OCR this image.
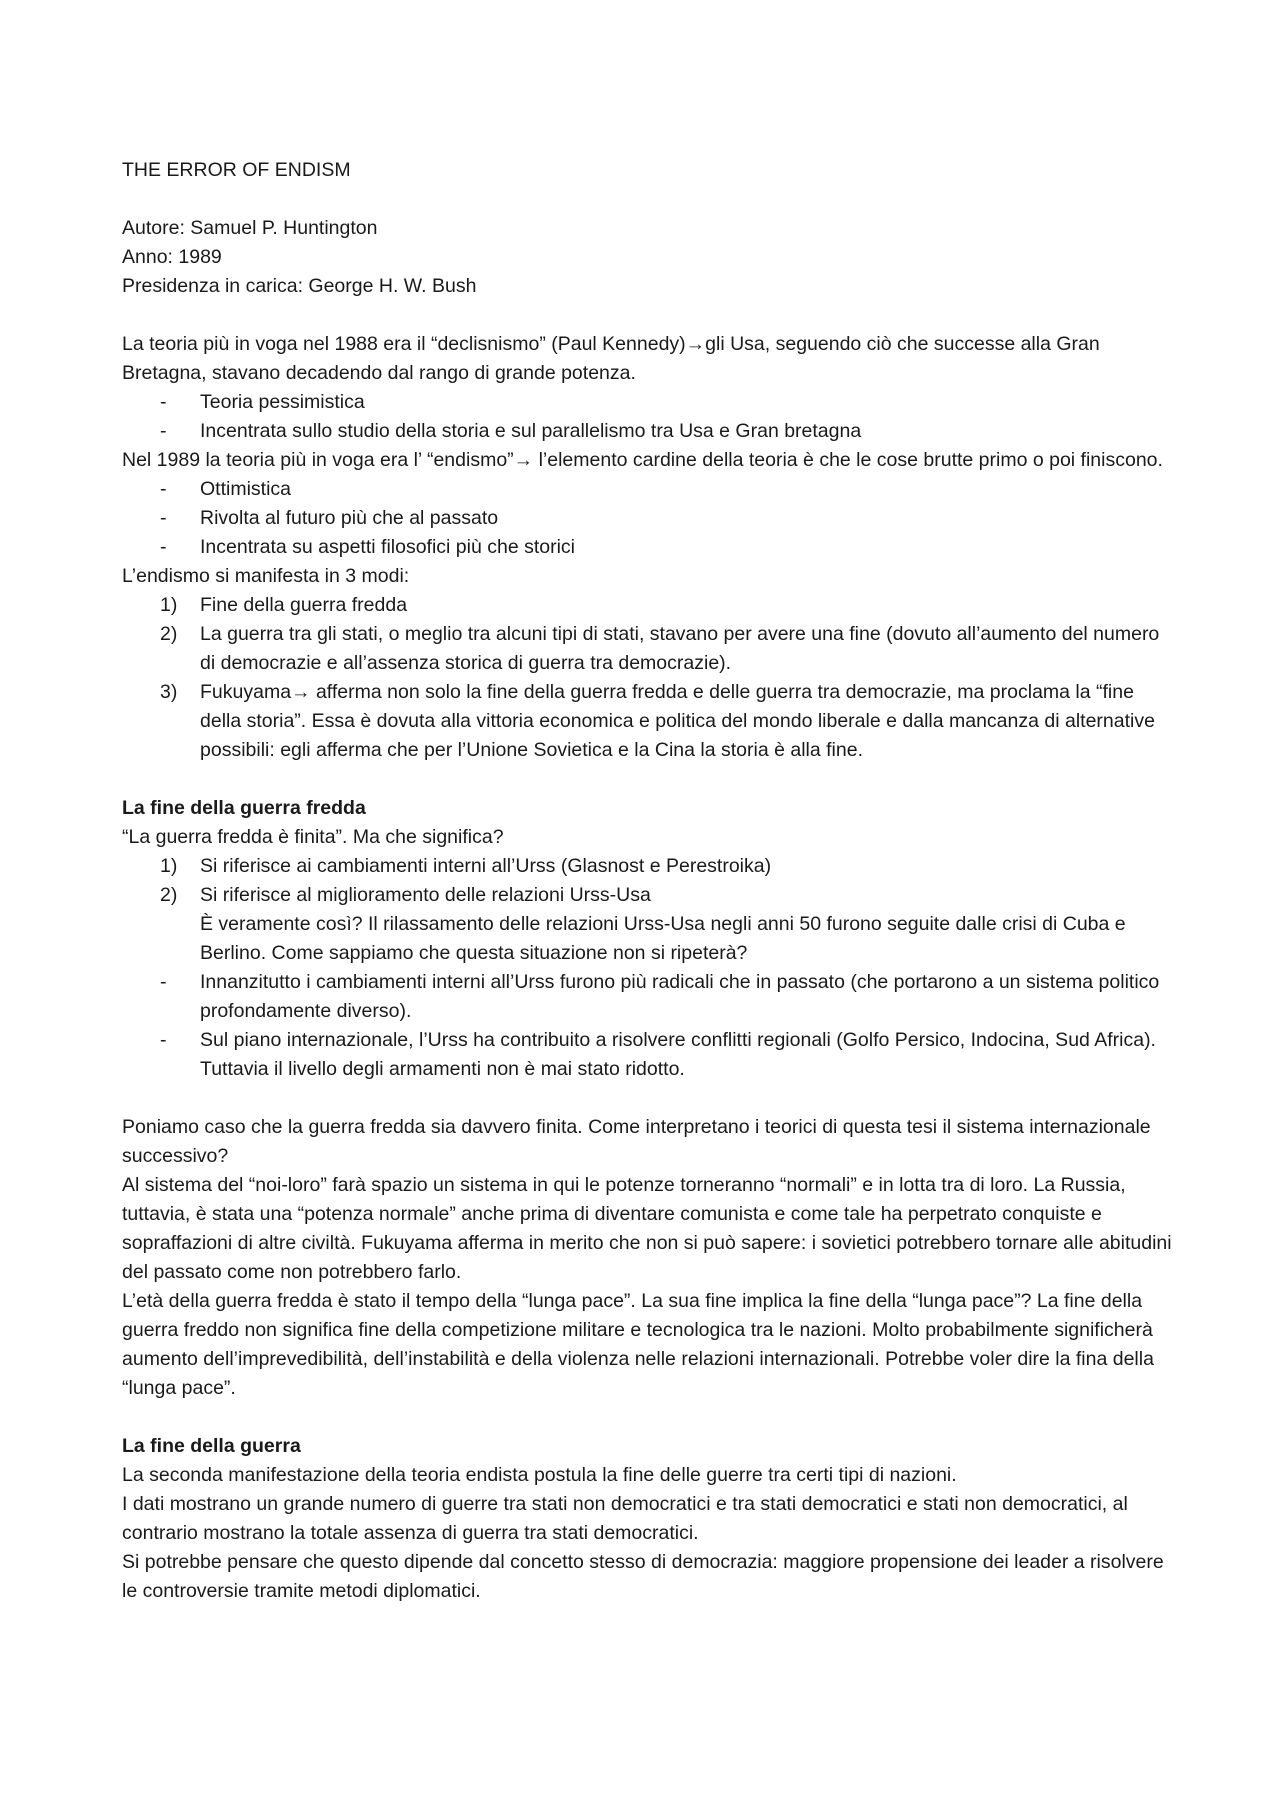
THE ERROR OF ENDISM

Autore: Samuel P. Huntington

Anno: 1989

Presidenza in carica: George H. W. Bush

La teoria più in voga nel 1988 era il “declisnismo” (Paul Kennedy)→gli Usa, seguendo ciò che successe alla Gran Bretagna, stavano decadendo dal rango di grande potenza.

-	Teoria pessimistica
-	Incentrata sullo studio della storia e sul parallelismo tra Usa e Gran bretagna

Nel 1989 la teoria più in voga era l’ “endismo”→ l’elemento cardine della teoria è che le cose brutte primo o poi finiscono.

-	Ottimistica
-	Rivolta al futuro più che al passato
-	Incentrata su aspetti filosofici più che storici

L’endismo si manifesta in 3 modi:

1)	Fine della guerra fredda
2)	La guerra tra gli stati, o meglio tra alcuni tipi di stati, stavano per avere una fine (dovuto all’aumento del numero di democrazie e all’assenza storica di guerra tra democrazie).
3)	Fukuyama→ afferma non solo la fine della guerra fredda e delle guerra tra democrazie, ma proclama la “fine della storia”. Essa è dovuta alla vittoria economica e politica del mondo liberale e dalla mancanza di alternative possibili: egli afferma che per l’Unione Sovietica e la Cina la storia è alla fine.

La fine della guerra fredda

“La guerra fredda è finita”. Ma che significa?

1)	Si riferisce ai cambiamenti interni all’Urss (Glasnost e Perestroika)
2)	Si riferisce al miglioramento delle relazioni Urss-Usa

È veramente così? Il rilassamento delle relazioni Urss-Usa negli anni 50 furono seguite dalle crisi di Cuba e Berlino. Come sappiamo che questa situazione non si ripeterà?

-	Innanzitutto i cambiamenti interni all’Urss furono più radicali che in passato (che portarono a un sistema politico profondamente diverso).
-	Sul piano internazionale, l’Urss ha contribuito a risolvere conflitti regionali (Golfo Persico, Indocina, Sud Africa). Tuttavia il livello degli armamenti non è mai stato ridotto.

Poniamo caso che la guerra fredda sia davvero finita. Come interpretano i teorici di questa tesi il sistema internazionale successivo?

Al sistema del “noi-loro” farà spazio un sistema in qui le potenze torneranno “normali” e in lotta tra di loro. La Russia, tuttavia, è stata una “potenza normale” anche prima di diventare comunista e come tale ha perpetrato conquiste e sopraffazioni di altre civiltà. Fukuyama afferma in merito che non si può sapere: i sovietici potrebbero tornare alle abitudini del passato come non potrebbero farlo.

L’età della guerra fredda è stato il tempo della “lunga pace”. La sua fine implica la fine della “lunga pace”? La fine della guerra freddo non significa fine della competizione militare e tecnologica tra le nazioni. Molto probabilmente significherà aumento dell’imprevedibilità, dell’instabilità e della violenza nelle relazioni internazionali. Potrebbe voler dire la fina della “lunga pace”.

La fine della guerra

La seconda manifestazione della teoria endista postula la fine delle guerre tra certi tipi di nazioni.

I dati mostrano un grande numero di guerre tra stati non democratici e tra stati democratici e stati non democratici, al contrario mostrano la totale assenza di guerra tra stati democratici.

Si potrebbe pensare che questo dipende dal concetto stesso di democrazia: maggiore propensione dei leader a risolvere le controversie tramite metodi diplomatici.
